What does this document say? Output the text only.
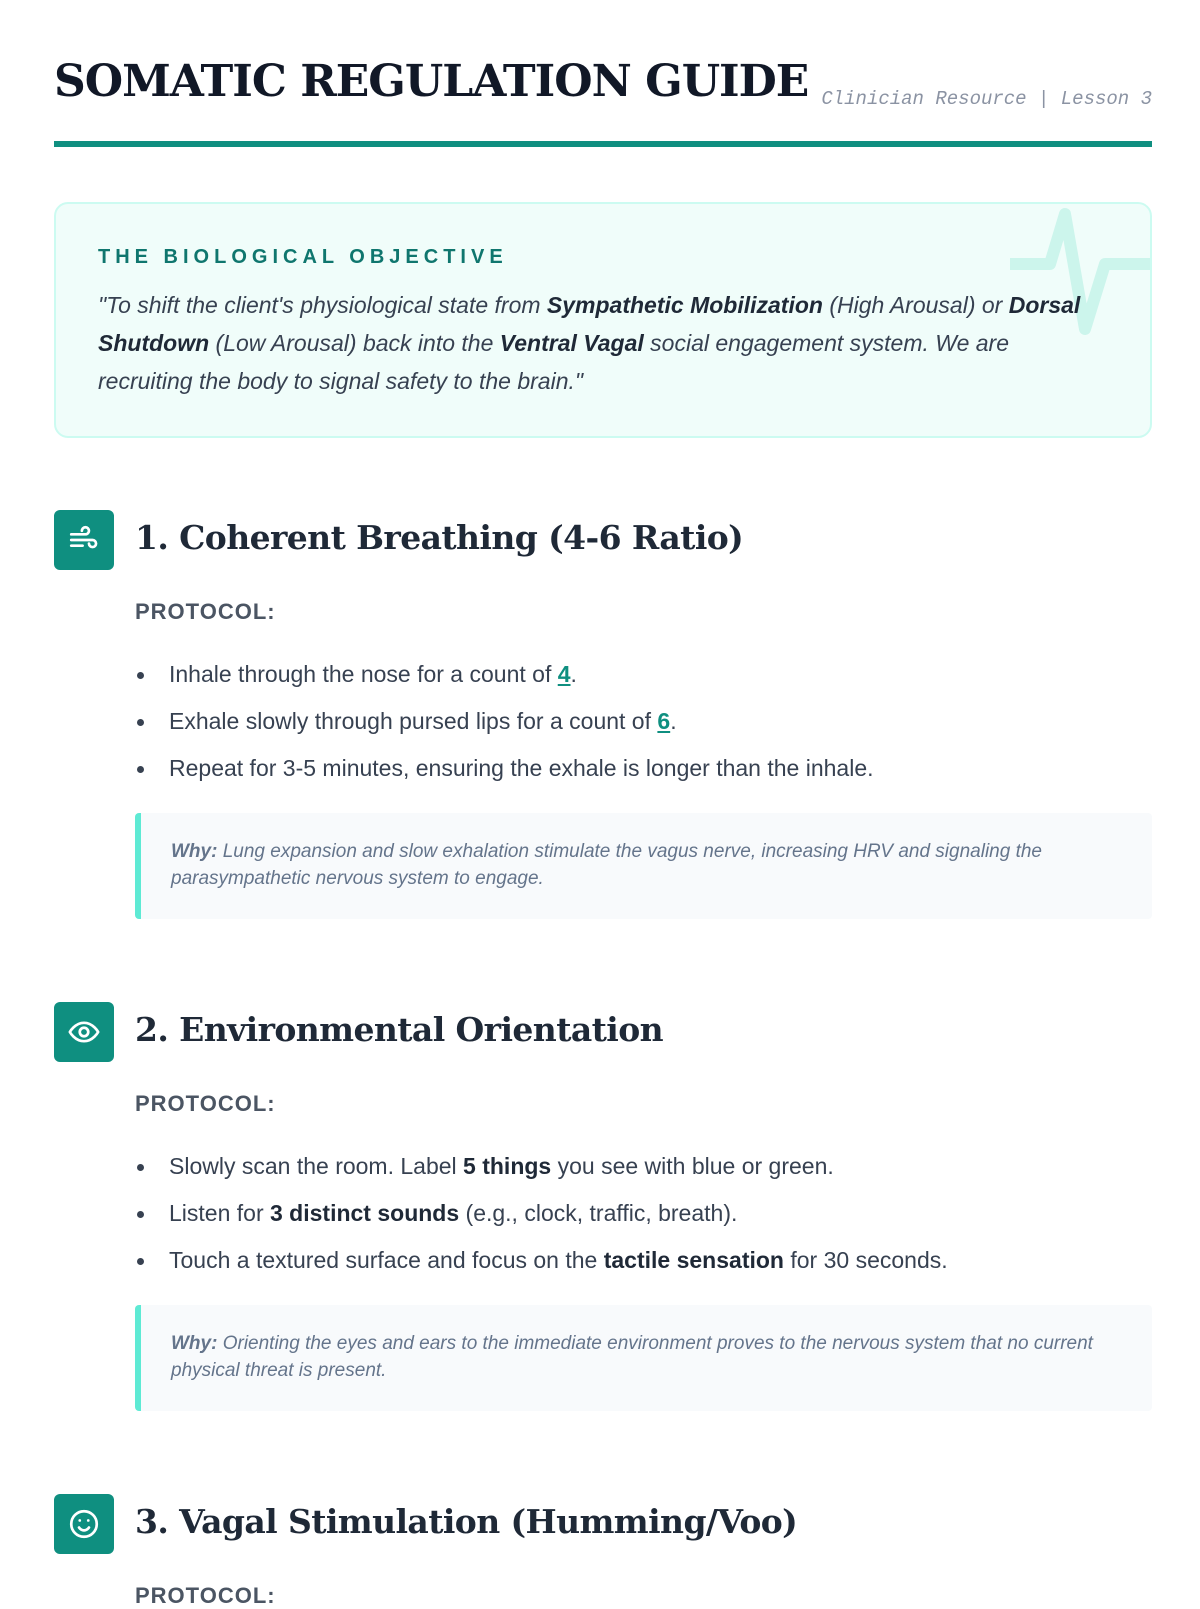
SOMATIC REGULATION GUIDE Clinician Resource | Lesson 3
THE BIOLOGICAL OBJECTIVE
"To shift the client's physiological state from Sympathetic Mobilization (High Arousal) or Dorsal Shutdown (Low Arousal) back into the Ventral Vagal social engagement system. We are recruiting the body to signal safety to the brain."
1. Coherent Breathing (4-6 Ratio)
PROTOCOL:
Inhale through the nose for a count of 4.
Exhale slowly through pursed lips for a count of 6.
Repeat for 3-5 minutes, ensuring the exhale is longer than the inhale.
Why: Lung expansion and slow exhalation stimulate the vagus nerve, increasing HRV and signaling the parasympathetic nervous system to engage.
2. Environmental Orientation
PROTOCOL:
Slowly scan the room. Label 5 things you see with blue or green.
Listen for 3 distinct sounds (e.g., clock, traffic, breath).
Touch a textured surface and focus on the tactile sensation for 30 seconds.
Why: Orienting the eyes and ears to the immediate environment proves to the nervous system that no current physical threat is present.
3. Vagal Stimulation (Humming/Voo)
PROTOCOL:
